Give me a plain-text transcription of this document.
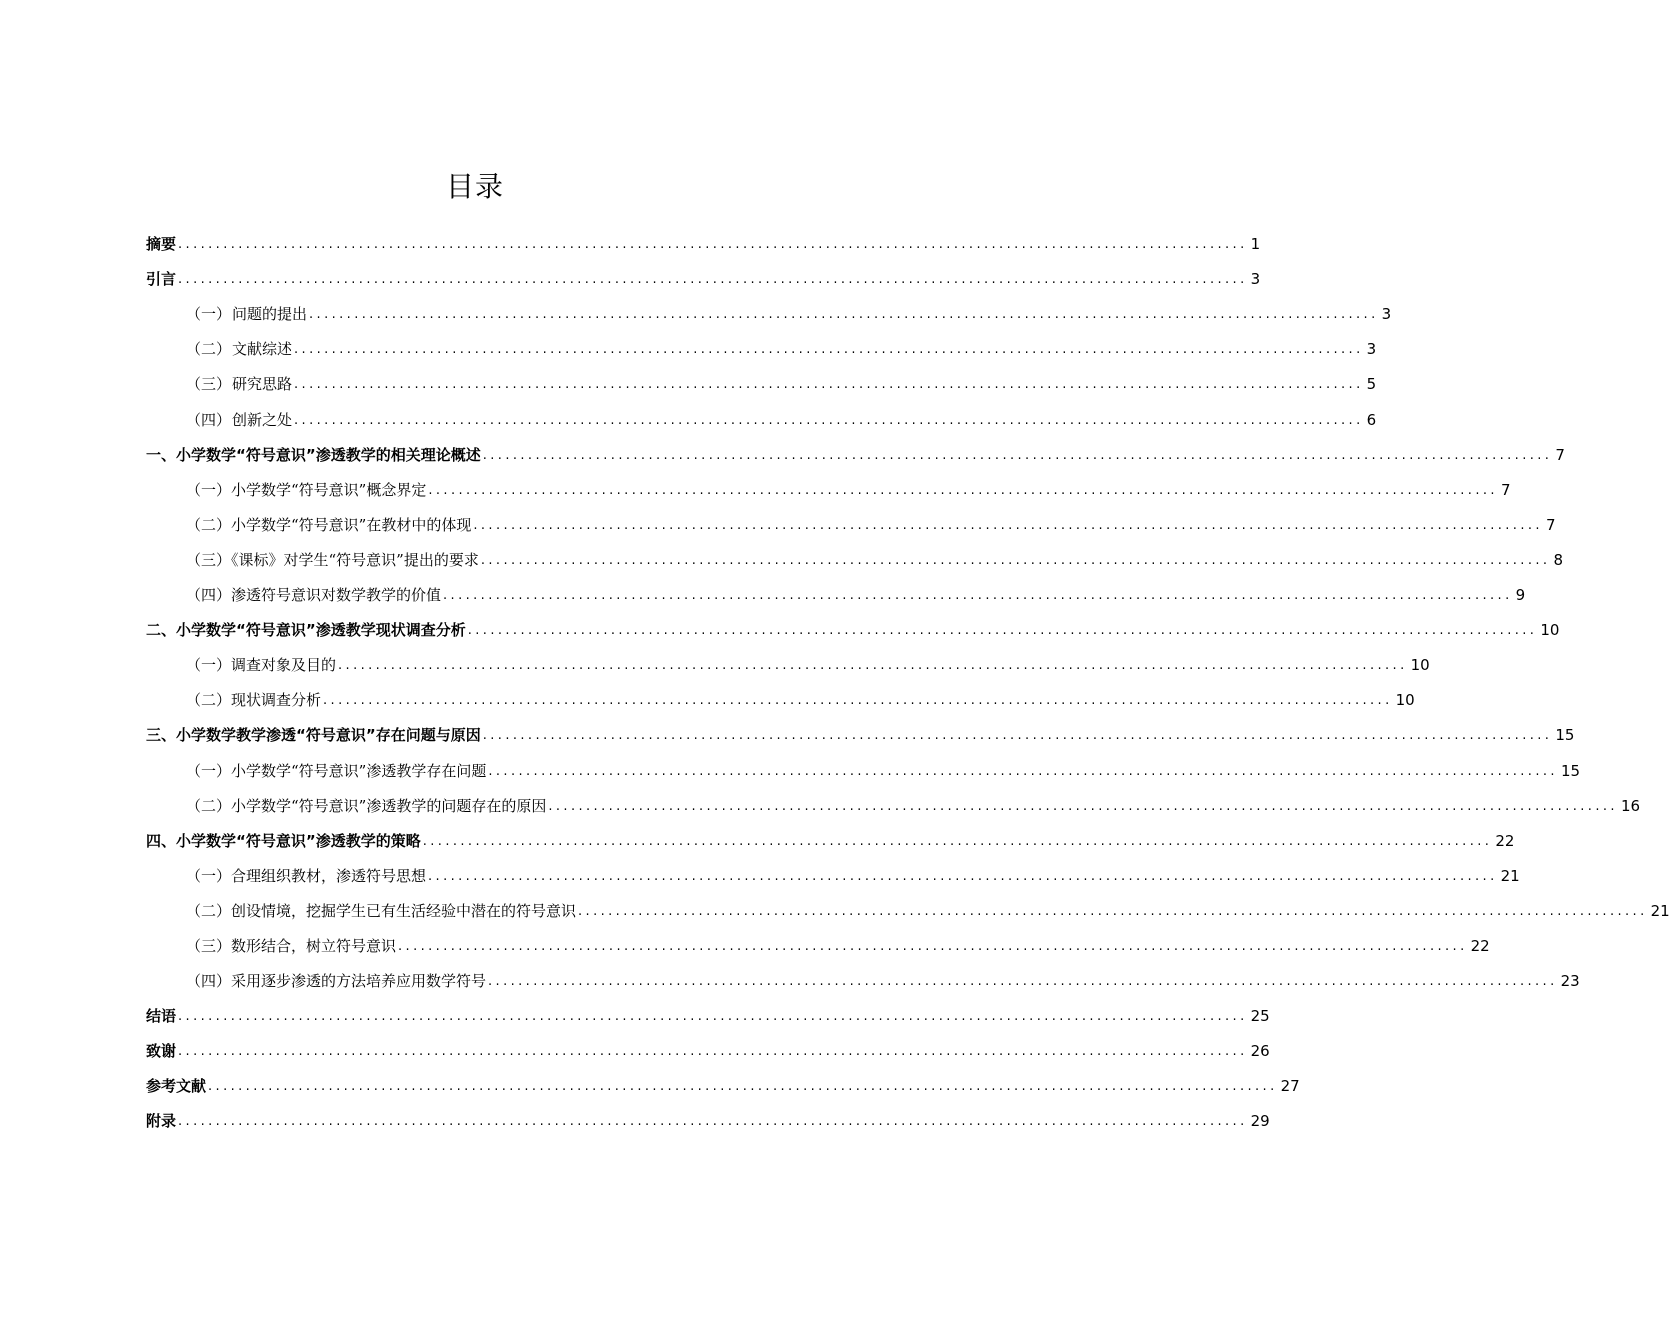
目录
摘要 .............................................................................................................................................. 1
引言 .............................................................................................................................................. 3
（一）问题的提出 .............................................................................................................................................. 3
（二）文献综述 .............................................................................................................................................. 3
（三）研究思路 .............................................................................................................................................. 5
（四）创新之处 .............................................................................................................................................. 6
一、小学数学“符号意识”渗透教学的相关理论概述 .............................................................................................................................................. 7
（一）小学数学“符号意识”概念界定 .............................................................................................................................................. 7
（二）小学数学“符号意识”在教材中的体现 .............................................................................................................................................. 7
（三）《课标》对学生“符号意识”提出的要求 .............................................................................................................................................. 8
（四）渗透符号意识对数学教学的价值 .............................................................................................................................................. 9
二、小学数学“符号意识”渗透教学现状调查分析 .............................................................................................................................................. 10
（一）调查对象及目的 .............................................................................................................................................. 10
（二）现状调查分析 .............................................................................................................................................. 10
三、小学数学教学渗透“符号意识”存在问题与原因 .............................................................................................................................................. 15
（一）小学数学“符号意识”渗透教学存在问题 .............................................................................................................................................. 15
（二）小学数学“符号意识”渗透教学的问题存在的原因 .............................................................................................................................................. 16
四、小学数学“符号意识”渗透教学的策略 .............................................................................................................................................. 22
（一）合理组织教材，渗透符号思想 .............................................................................................................................................. 21
（二）创设情境，挖掘学生已有生活经验中潜在的符号意识 .............................................................................................................................................. 21
（三）数形结合，树立符号意识 .............................................................................................................................................. 22
（四）采用逐步渗透的方法培养应用数学符号 .............................................................................................................................................. 23
结语 .............................................................................................................................................. 25
致谢 .............................................................................................................................................. 26
参考文献 .............................................................................................................................................. 27
附录 .............................................................................................................................................. 29
